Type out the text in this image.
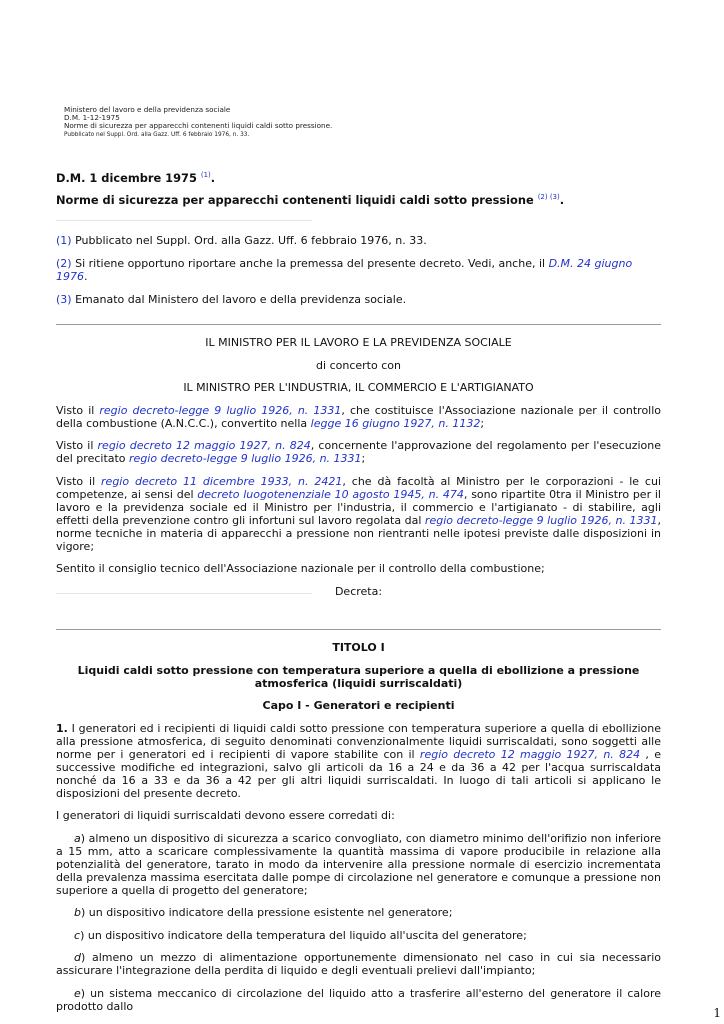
Ministero del lavoro e della previdenza sociale
D.M. 1-12-1975
Norme di sicurezza per apparecchi contenenti liquidi caldi sotto pressione.
Pubblicato nel Suppl. Ord. alla Gazz. Uff. 6 febbraio 1976, n. 33.
D.M. 1 dicembre 1975 $^{(1)}$.
Norme di sicurezza per apparecchi contenenti liquidi caldi sotto pressione $^{(2) (3)}$.

(1) Pubblicato nel Suppl. Ord. alla Gazz. Uff. 6 febbraio 1976, n. 33.

(2) Si ritiene opportuno riportare anche la premessa del presente decreto. Vedi, anche, il D.M. 24 giugno 1976.

(3) Emanato dal Ministero del lavoro e della previdenza sociale.

IL MINISTRO PER IL LAVORO E LA PREVIDENZA SOCIALE

di concerto con

IL MINISTRO PER L'INDUSTRIA, IL COMMERCIO E L'ARTIGIANATO

Visto il regio decreto-legge 9 luglio 1926, n. 1331, che costituisce l'Associazione nazionale per il controllo della combustione (A.N.C.C.), convertito nella legge 16 giugno 1927, n. 1132;

Visto il regio decreto 12 maggio 1927, n. 824, concernente l'approvazione del regolamento per l'esecuzione del precitato regio decreto-legge 9 luglio 1926, n. 1331;

Visto il regio decreto 11 dicembre 1933, n. 2421, che dà facoltà al Ministro per le corporazioni - le cui competenze, ai sensi del decreto luogotenenziale 10 agosto 1945, n. 474, sono ripartite 0tra il Ministro per il lavoro e la previdenza sociale ed il Ministro per l'industria, il commercio e l'artigianato - di stabilire, agli effetti della prevenzione contro gli infortuni sul lavoro regolata dal regio decreto-legge 9 luglio 1926, n. 1331, norme tecniche in materia di apparecchi a pressione non rientranti nelle ipotesi previste dalle disposizioni in vigore;

Sentito il consiglio tecnico dell'Associazione nazionale per il controllo della combustione;

Decreta:

TITOLO I

Liquidi caldi sotto pressione con temperatura superiore a quella di ebollizione a pressione atmosferica (liquidi surriscaldati)

Capo I - Generatori e recipienti

1. I generatori ed i recipienti di liquidi caldi sotto pressione con temperatura superiore a quella di ebollizione alla pressione atmosferica, di seguito denominati convenzionalmente liquidi surriscaldati, sono soggetti alle norme per i generatori ed i recipienti di vapore stabilite con il regio decreto 12 maggio 1927, n. 824 , e successive modifiche ed integrazioni, salvo gli articoli da 16 a 24 e da 36 a 42 per l'acqua surriscaldata nonché da 16 a 33 e da 36 a 42 per gli altri liquidi surriscaldati. In luogo di tali articoli si applicano le disposizioni del presente decreto.

I generatori di liquidi surriscaldati devono essere corredati di:

a) almeno un dispositivo di sicurezza a scarico convogliato, con diametro minimo dell'orifizio non inferiore a 15 mm, atto a scaricare complessivamente la quantità massima di vapore producibile in relazione alla potenzialità del generatore, tarato in modo da intervenire alla pressione normale di esercizio incrementata della prevalenza massima esercitata dalle pompe di circolazione nel generatore e comunque a pressione non superiore a quella di progetto del generatore;

b) un dispositivo indicatore della pressione esistente nel generatore;

c) un dispositivo indicatore della temperatura del liquido all'uscita del generatore;

d) almeno un mezzo di alimentazione opportunemente dimensionato nel caso in cui sia necessario assicurare l'integrazione della perdita di liquido e degli eventuali prelievi dall'impianto;

e) un sistema meccanico di circolazione del liquido atto a trasferire all'esterno del generatore il calore prodotto dallo	1
